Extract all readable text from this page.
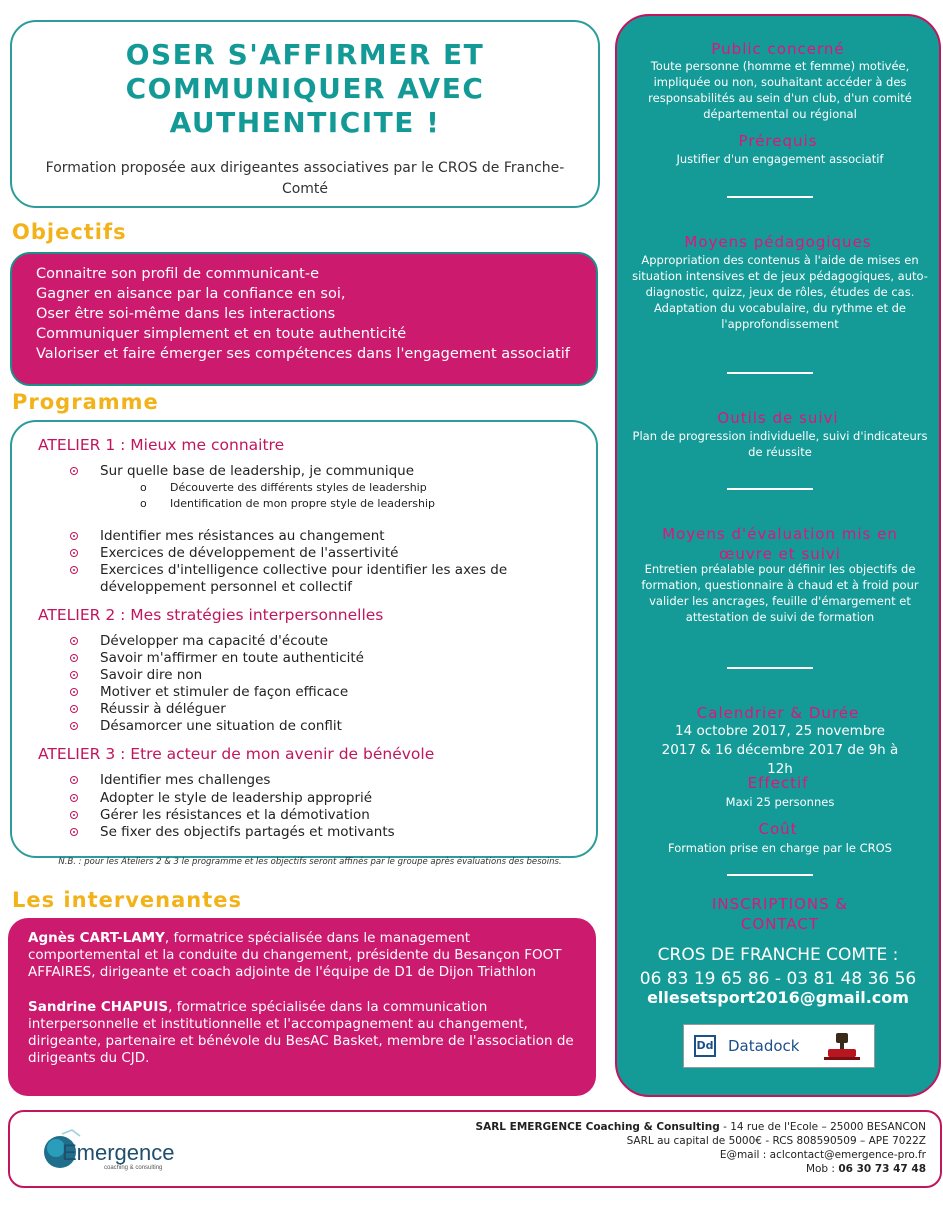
OSER S'AFFIRMER ET COMMUNIQUER AVEC AUTHENTICITE !
Formation proposée aux dirigeantes associatives par le CROS de Franche-Comté
Objectifs
Connaitre son profil de communicant-e
Gagner en aisance par la confiance en soi,
Oser être soi-même dans les interactions
Communiquer simplement et en toute authenticité
Valoriser et faire émerger ses compétences dans l'engagement associatif
Programme
ATELIER 1 : Mieux me connaitre
Sur quelle base de leadership, je communique
o Découverte des différents styles de leadership
o Identification de mon propre style de leadership
Identifier mes résistances au changement
Exercices de développement de l'assertivité
Exercices d'intelligence collective pour identifier les axes de
développement personnel et collectif
ATELIER 2 : Mes stratégies interpersonnelles
Développer ma capacité d'écoute
Savoir m'affirmer en toute authenticité
Savoir dire non
Motiver et stimuler de façon efficace
Réussir à déléguer
Désamorcer une situation de conflit
ATELIER 3 : Etre acteur de mon avenir de bénévole
Identifier mes challenges
Adopter le style de leadership approprié
Gérer les résistances et la démotivation
Se fixer des objectifs partagés et motivants
N.B. : pour les Ateliers 2 & 3 le programme et les objectifs seront affinés par le groupe après évaluations des besoins.
Les intervenantes

Agnès CART-LAMY, formatrice spécialisée dans le management comportemental et la conduite du changement, présidente du Besançon FOOT AFFAIRES, dirigeante et coach adjointe de l'équipe de D1 de Dijon Triathlon

Sandrine CHAPUIS, formatrice spécialisée dans la communication interpersonnelle et institutionnelle et l'accompagnement au changement, dirigeante, partenaire et bénévole du BesAC Basket, membre de l'association de dirigeants du CJD.

Public concerné
Toute personne (homme et femme) motivée, impliquée ou non, souhaitant accéder à des responsabilités au sein d'un club, d'un comité départemental ou régional
Prérequis
Justifier d'un engagement associatif
Moyens pédagogiques
Appropriation des contenus à l'aide de mises en situation intensives et de jeux pédagogiques, auto-diagnostic, quizz, jeux de rôles, études de cas. Adaptation du vocabulaire, du rythme et de l'approfondissement
Outils de suivi
Plan de progression individuelle, suivi d'indicateurs de réussite
Moyens d'évaluation mis en œuvre et suivi
Entretien préalable pour définir les objectifs de formation, questionnaire à chaud et à froid pour valider les ancrages, feuille d'émargement et attestation de suivi de formation
Calendrier & Durée
14 octobre 2017, 25 novembre 2017 & 16 décembre 2017 de 9h à 12h
Effectif
Maxi 25 personnes
Coût
Formation prise en charge par le CROS
INSCRIPTIONS & CONTACT
CROS DE FRANCHE COMTE :
06 83 19 65 86 - 03 81 48 36 56
ellesetsport2016@gmail.com
Dd Datadock
Emergence
coaching & consulting
SARL EMERGENCE Coaching & Consulting - 14 rue de l'Ecole – 25000 BESANCON
SARL au capital de 5000€ - RCS 808590509 – APE 7022Z
E@mail : aclcontact@emergence-pro.fr
Mob : 06 30 73 47 48
